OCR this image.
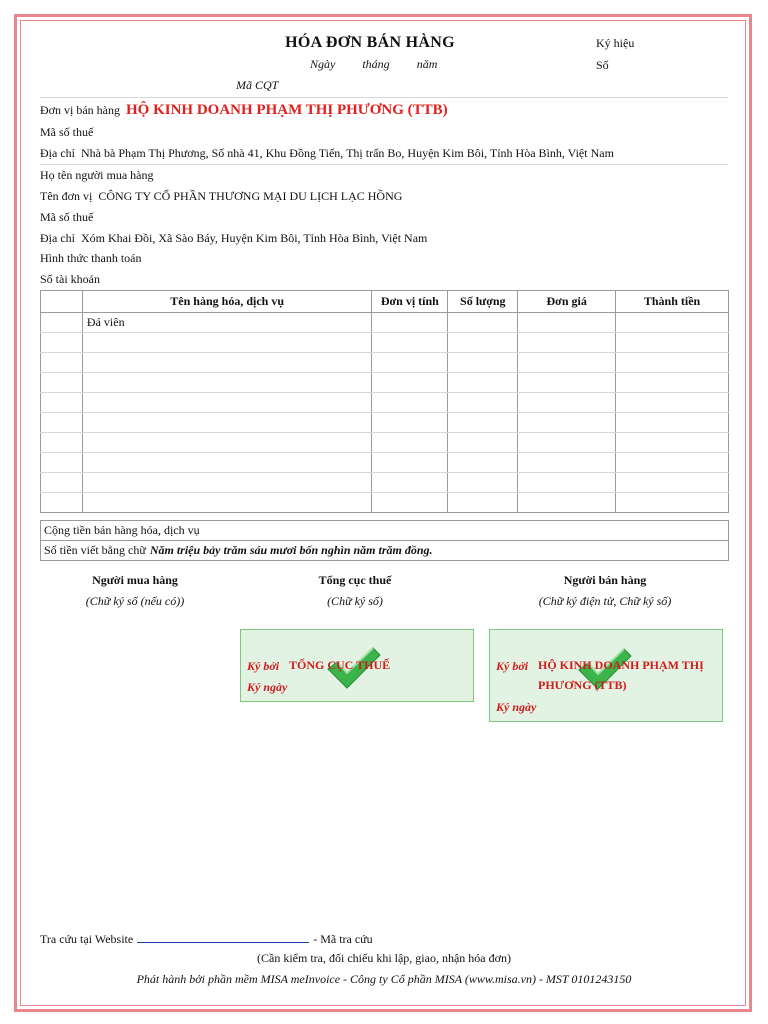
HÓA ĐƠN BÁN HÀNG
Ngày tháng năm
Ký hiệu
Số
Mã CQT
Đơn vị bán hàng HỘ KINH DOANH PHẠM THỊ PHƯƠNG (TTB)
Mã số thuế
Địa chỉ Nhà bà Phạm Thị Phương, Số nhà 41, Khu Đồng Tiến, Thị trấn Bo, Huyện Kim Bôi, Tỉnh Hòa Bình, Việt Nam
Họ tên người mua hàng
Tên đơn vị CÔNG TY CỔ PHẦN THƯƠNG MẠI DU LỊCH LẠC HỒNG
Mã số thuế
Địa chỉ Xóm Khai Đồi, Xã Sào Báy, Huyện Kim Bôi, Tỉnh Hòa Bình, Việt Nam
Hình thức thanh toán
Số tài khoản
	Tên hàng hóa, dịch vụ	Đơn vị tính	Số lượng	Đơn giá	Thành tiền
	Đá viên				

Cộng tiền bán hàng hóa, dịch vụ
Số tiền viết bằng chữ Năm triệu bảy trăm sáu mươi bốn nghìn năm trăm đồng.
Người mua hàng
(Chữ ký số (nếu có))
Tổng cục thuế
(Chữ ký số)
Người bán hàng
(Chữ ký điện tử, Chữ ký số)
Ký bởi TỔNG CỤC THUẾ
Ký ngày
Ký bởi HỘ KINH DOANH PHẠM THỊ
PHƯƠNG (TTB)
Ký ngày
Tra cứu tại Website	- Mã tra cứu
(Cần kiểm tra, đối chiếu khi lập, giao, nhận hóa đơn)
Phát hành bởi phần mềm MISA meInvoice - Công ty Cổ phần MISA (www.misa.vn) - MST 0101243150
